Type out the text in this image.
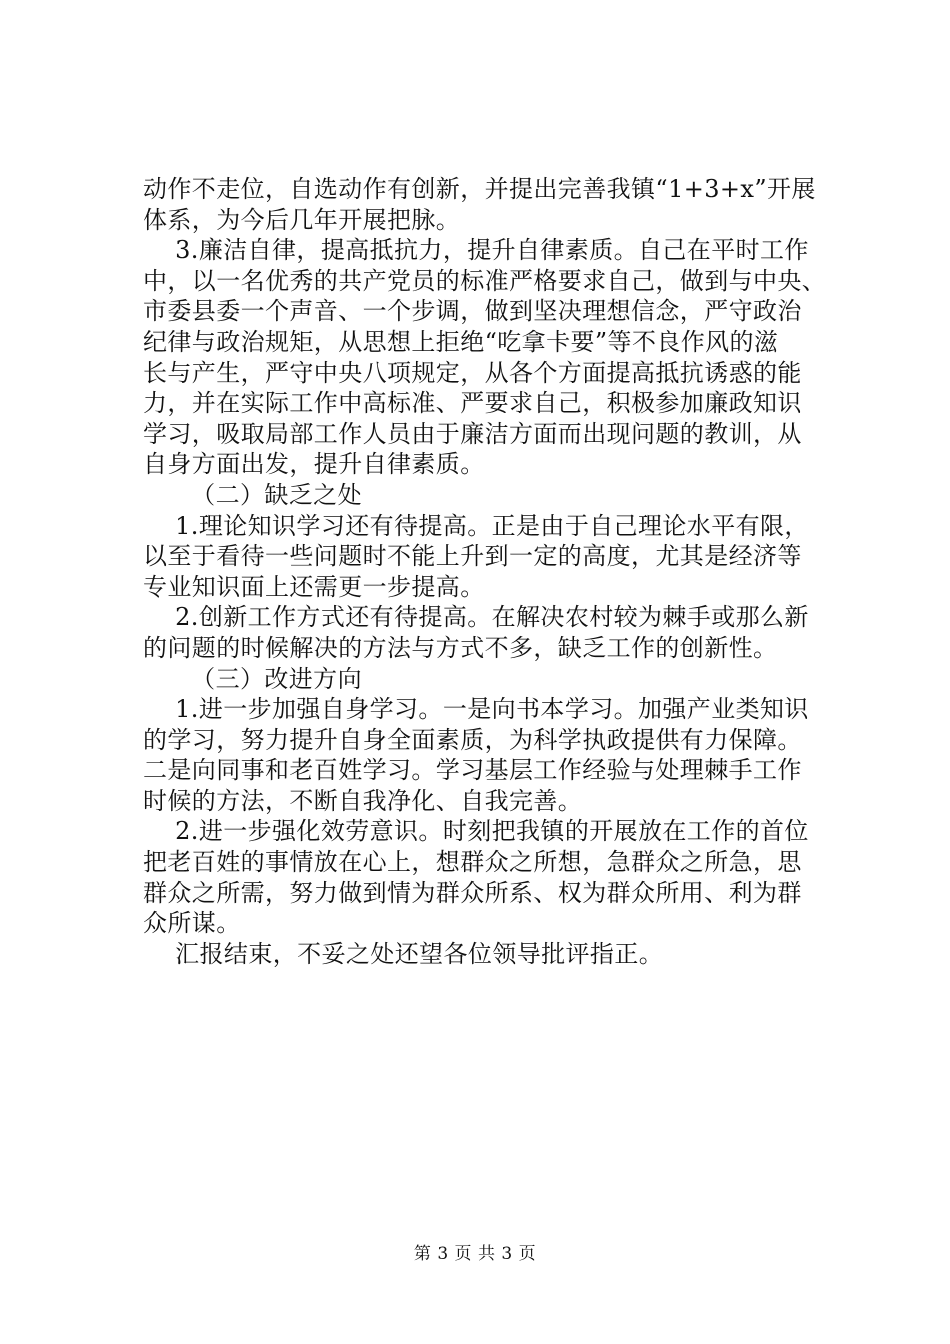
动作不走位，自选动作有创新，并提出完善我镇“1+3+x”开展
体系，为今后几年开展把脉。
3.廉洁自律，提高抵抗力，提升自律素质。自己在平时工作
中，以一名优秀的共产党员的标准严格要求自己，做到与中央、
市委县委一个声音、一个步调，做到坚决理想信念，严守政治
纪律与政治规矩，从思想上拒绝“吃拿卡要”等不良作风的滋
长与产生，严守中央八项规定，从各个方面提高抵抗诱惑的能
力，并在实际工作中高标准、严要求自己，积极参加廉政知识
学习，吸取局部工作人员由于廉洁方面而出现问题的教训，从
自身方面出发，提升自律素质。
（二）缺乏之处
1.理论知识学习还有待提高。正是由于自己理论水平有限，
以至于看待一些问题时不能上升到一定的高度，尤其是经济等
专业知识面上还需更一步提高。
2.创新工作方式还有待提高。在解决农村较为棘手或那么新
的问题的时候解决的方法与方式不多，缺乏工作的创新性。
（三）改进方向
1.进一步加强自身学习。一是向书本学习。加强产业类知识
的学习，努力提升自身全面素质，为科学执政提供有力保障。
二是向同事和老百姓学习。学习基层工作经验与处理棘手工作
时候的方法，不断自我净化、自我完善。
2.进一步强化效劳意识。时刻把我镇的开展放在工作的首位
把老百姓的事情放在心上，想群众之所想，急群众之所急，思
群众之所需，努力做到情为群众所系、权为群众所用、利为群
众所谋。
汇报结束，不妥之处还望各位领导批评指正。
第 3 页 共 3 页
